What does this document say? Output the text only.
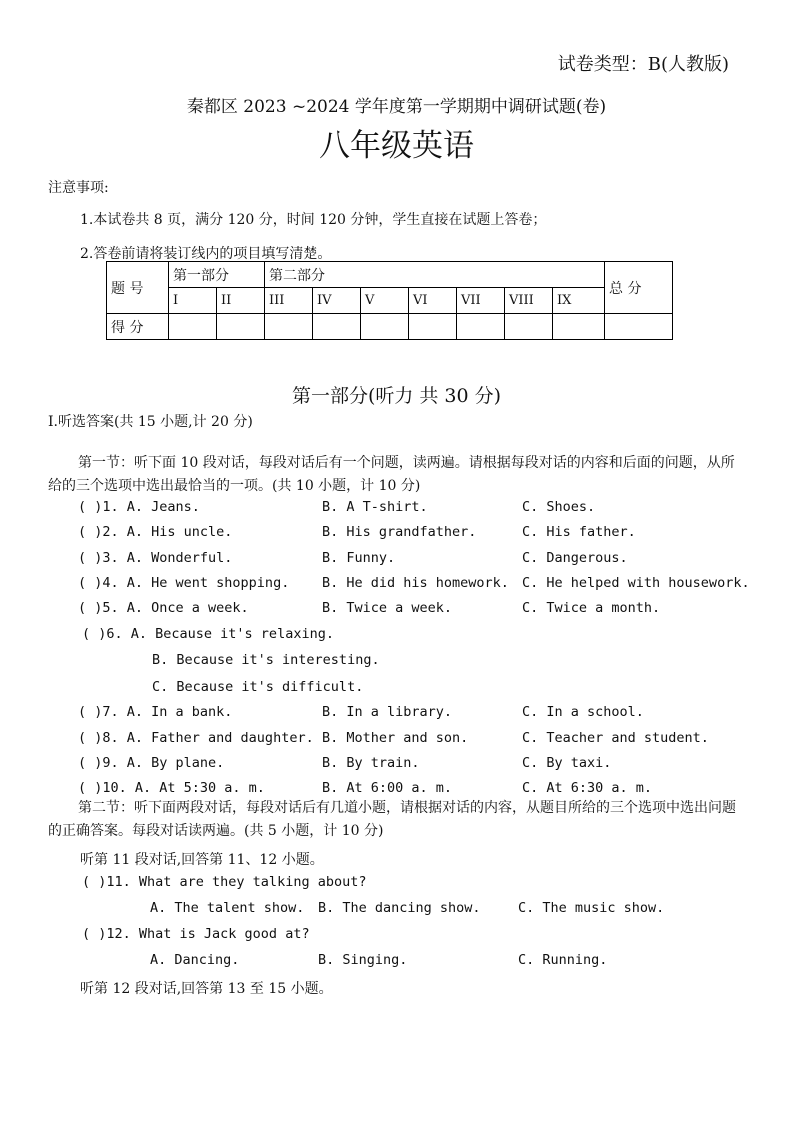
试卷类型：B(人教版)
秦都区 2023 ~2024 学年度第一学期期中调研试题(卷)
八年级英语
注意事项:
1.本试卷共 8 页，满分 120 分，时间 120 分钟，学生直接在试题上答卷；
2.答卷前请将装订线内的项目填写清楚。
题 号	第一部分		第二部分							总 分
	I	II	III	IV	V	VI	VII	VIII	IX	
得 分										
第一部分(听力 共 30 分)
I.听选答案(共 15 小题,计 20 分)
第一节：听下面 10 段对话，每段对话后有一个问题，读两遍。请根据每段对话的内容和后面的问题，从所给的三个选项中选出最恰当的一项。(共 10 小题，计 10 分)
( )1. A. Jeans.	B. A T-shirt.	C. Shoes.
( )2. A. His uncle.	B. His grandfather.	C. His father.
( )3. A. Wonderful.	B. Funny.	C. Dangerous.
( )4. A. He went shopping. B. He did his homework. C. He helped with housework.
( )5. A. Once a week.	B. Twice a week.	C. Twice a month.
( )6. A. Because it's relaxing.
B. Because it's interesting.
C. Because it's difficult.
( )7. A. In a bank.	B. In a library.	C. In a school.
( )8. A. Father and daughter. B. Mother and son.	C. Teacher and student.
( )9. A. By plane.	B. By train.	C. By taxi.
( )10. A. At 5:30 a. m.	B. At 6:00 a. m.	C. At 6:30 a. m.
第二节：听下面两段对话，每段对话后有几道小题，请根据对话的内容，从题目所给的三个选项中选出问题的正确答案。每段对话读两遍。(共 5 小题，计 10 分)
听第 11 段对话,回答第 11、12 小题。
( )11. What are they talking about?
A. The talent show. B. The dancing show.	C. The music show.
( )12. What is Jack good at?
A. Dancing.	B. Singing.	C. Running.
听第 12 段对话,回答第 13 至 15 小题。
